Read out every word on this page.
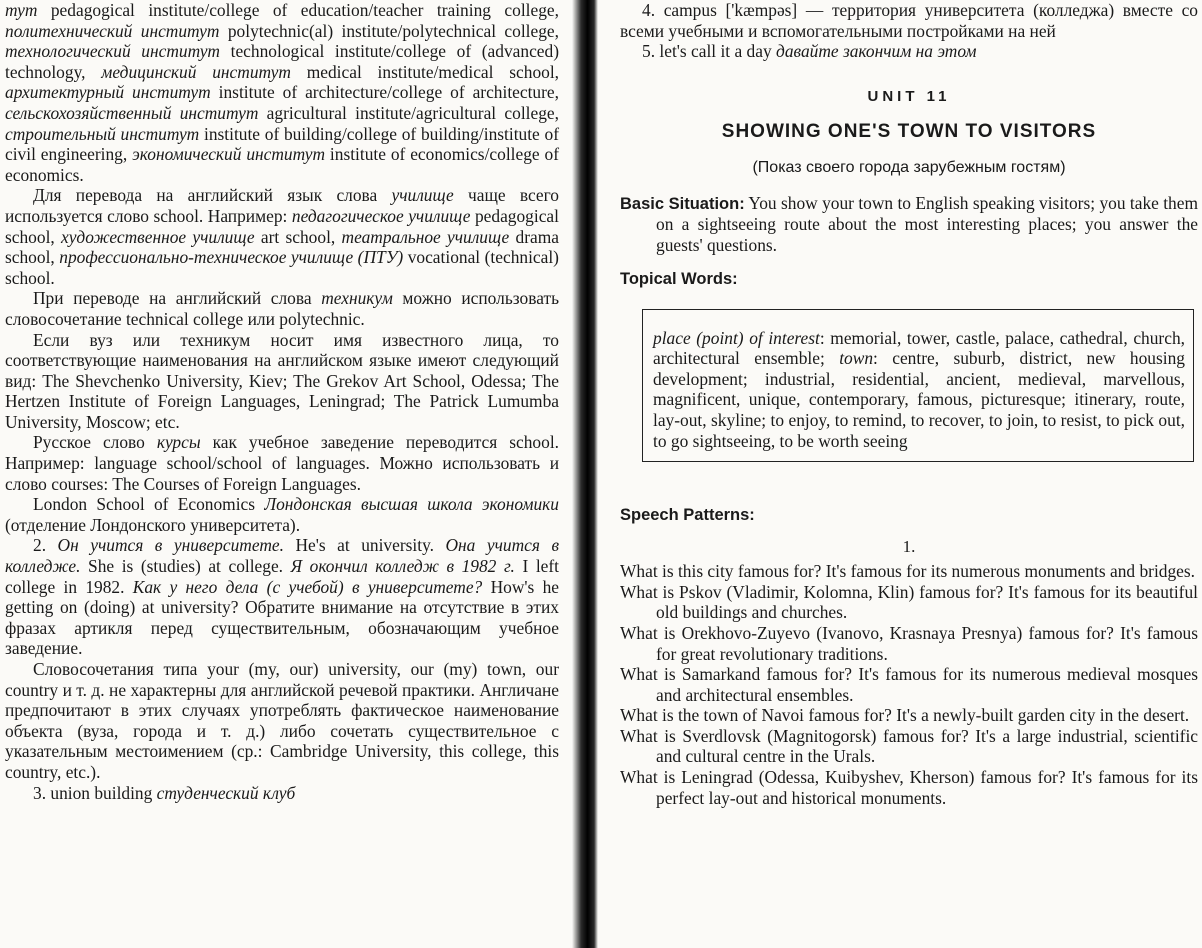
тут pedagogical institute/college of education/teacher training college, политехнический институт polytechnic(al) institute/polytechnical college, технологический институт technological institute/college of (advanced) technology, медицинский институт medical institute/medical school, архитектурный институт institute of architecture/college of architecture, сельскохозяйственный институт agricultural institute/agricultural college, строительный институт institute of building/college of building/institute of civil engineering, экономический институт institute of economics/college of economics.

Для перевода на английский язык слова училище чаще всего используется слово school. Например: педагогическое училище pedagogical school, художественное училище art school, театральное училище drama school, профессионально-техническое училище (ПТУ) vocational (technical) school.

При переводе на английский слова техникум можно использовать словосочетание technical college или polytechnic.

Если вуз или техникум носит имя известного лица, то соответствующие наименования на английском языке имеют следующий вид: The Shevchenko University, Kiev; The Grekov Art School, Odessa; The Hertzen Institute of Foreign Languages, Leningrad; The Patrick Lumumba University, Moscow; etc.

Русское слово курсы как учебное заведение переводится school. Например: language school/school of languages. Можно использовать и слово courses: The Courses of Foreign Languages.

London School of Economics Лондонская высшая школа экономики (отделение Лондонского университета).

2. Он учится в университете. He's at university. Она учится в колледже. She is (studies) at college. Я окончил колледж в 1982 г. I left college in 1982. Как у него дела (с учебой) в университете? How's he getting on (doing) at university? Обратите внимание на отсутствие в этих фразах артикля перед существительным, обозначающим учебное заведение.

Словосочетания типа your (my, our) university, our (my) town, our country и т. д. не характерны для английской речевой практики. Англичане предпочитают в этих случаях употреблять фактическое наименование объекта (вуза, города и т. д.) либо сочетать существительное с указательным местоимением (ср.: Cambridge University, this college, this country, etc.).

3. union building студенческий клуб

4. campus ['kæmpəs] — территория университета (колледжа) вместе со всеми учебными и вспомогательными постройками на ней

5. let's call it a day давайте закончим на этом

UNIT 11
SHOWING ONE'S TOWN TO VISITORS
(Показ своего города зарубежным гостям)

Basic Situation: You show your town to English speaking visitors; you take them on a sightseeing route about the most interesting places; you answer the guests' questions.

Topical Words:

place (point) of interest: memorial, tower, castle, palace, cathedral, church, architectural ensemble; town: centre, suburb, district, new housing development; industrial, residential, ancient, medieval, marvellous, magnificent, unique, contemporary, famous, picturesque; itinerary, route, lay-out, skyline; to enjoy, to remind, to recover, to join, to resist, to pick out, to go sightseeing, to be worth seeing

Speech Patterns:
1.

What is this city famous for? It's famous for its numerous monuments and bridges.

What is Pskov (Vladimir, Kolomna, Klin) famous for? It's famous for its beautiful old buildings and churches.

What is Orekhovo-Zuyevo (Ivanovo, Krasnaya Presnya) famous for? It's famous for great revolutionary traditions.

What is Samarkand famous for? It's famous for its numerous medieval mosques and architectural ensembles.

What is the town of Navoi famous for? It's a newly-built garden city in the desert.

What is Sverdlovsk (Magnitogorsk) famous for? It's a large industrial, scientific and cultural centre in the Urals.

What is Leningrad (Odessa, Kuibyshev, Kherson) famous for? It's famous for its perfect lay-out and historical monuments.
